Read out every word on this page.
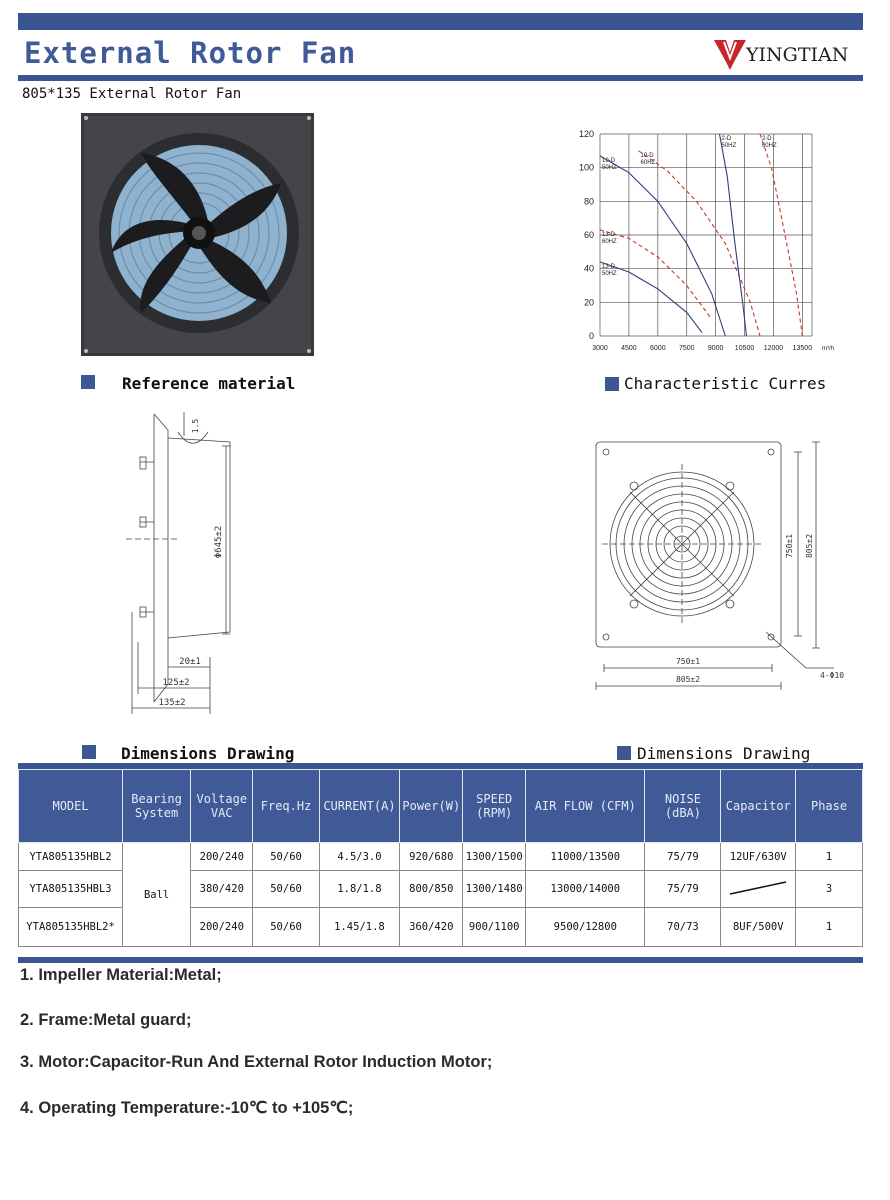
External Rotor Fan	YINGTIAN
805*135 External Rotor Fan
0
20
40
60
80
100
120
3000 4500 6000 7500 9000 10500 12000 13500 m³/h
10-D 50HZ
10-D 60HZ
2-D 50HZ
2-D 60HZ
13-D 60HZ
13-D 50HZ
Reference material	Characteristic Curres
1.5
Φ645±2
20±1
125±2
135±2
750±1 805±2
750±1
805±2	4-Φ10
Dimensions Drawing	Dimensions Drawing
MODEL	Bearing System	Voltage VAC	Freq.Hz	CURRENT(A)	Power(W)	SPEED (RPM)	AIR FLOW (CFM)	NOISE (dBA)	Capacitor	Phase
YTA805135HBL2	Ball	200/240	50/60	4.5/3.0	920/680	1300/1500	11000/13500	75/79	12UF/630V	1
YTA805135HBL3		380/420	50/60	1.8/1.8	800/850	1300/1480	13000/14000	75/79		3
YTA805135HBL2*		200/240	50/60	1.45/1.8	360/420	900/1100	9500/12800	70/73	8UF/500V	1
1. Impeller Material:Metal;
2. Frame:Metal guard;
3. Motor:Capacitor-Run And External Rotor Induction Motor;
4. Operating Temperature:-10℃ to +105℃;
